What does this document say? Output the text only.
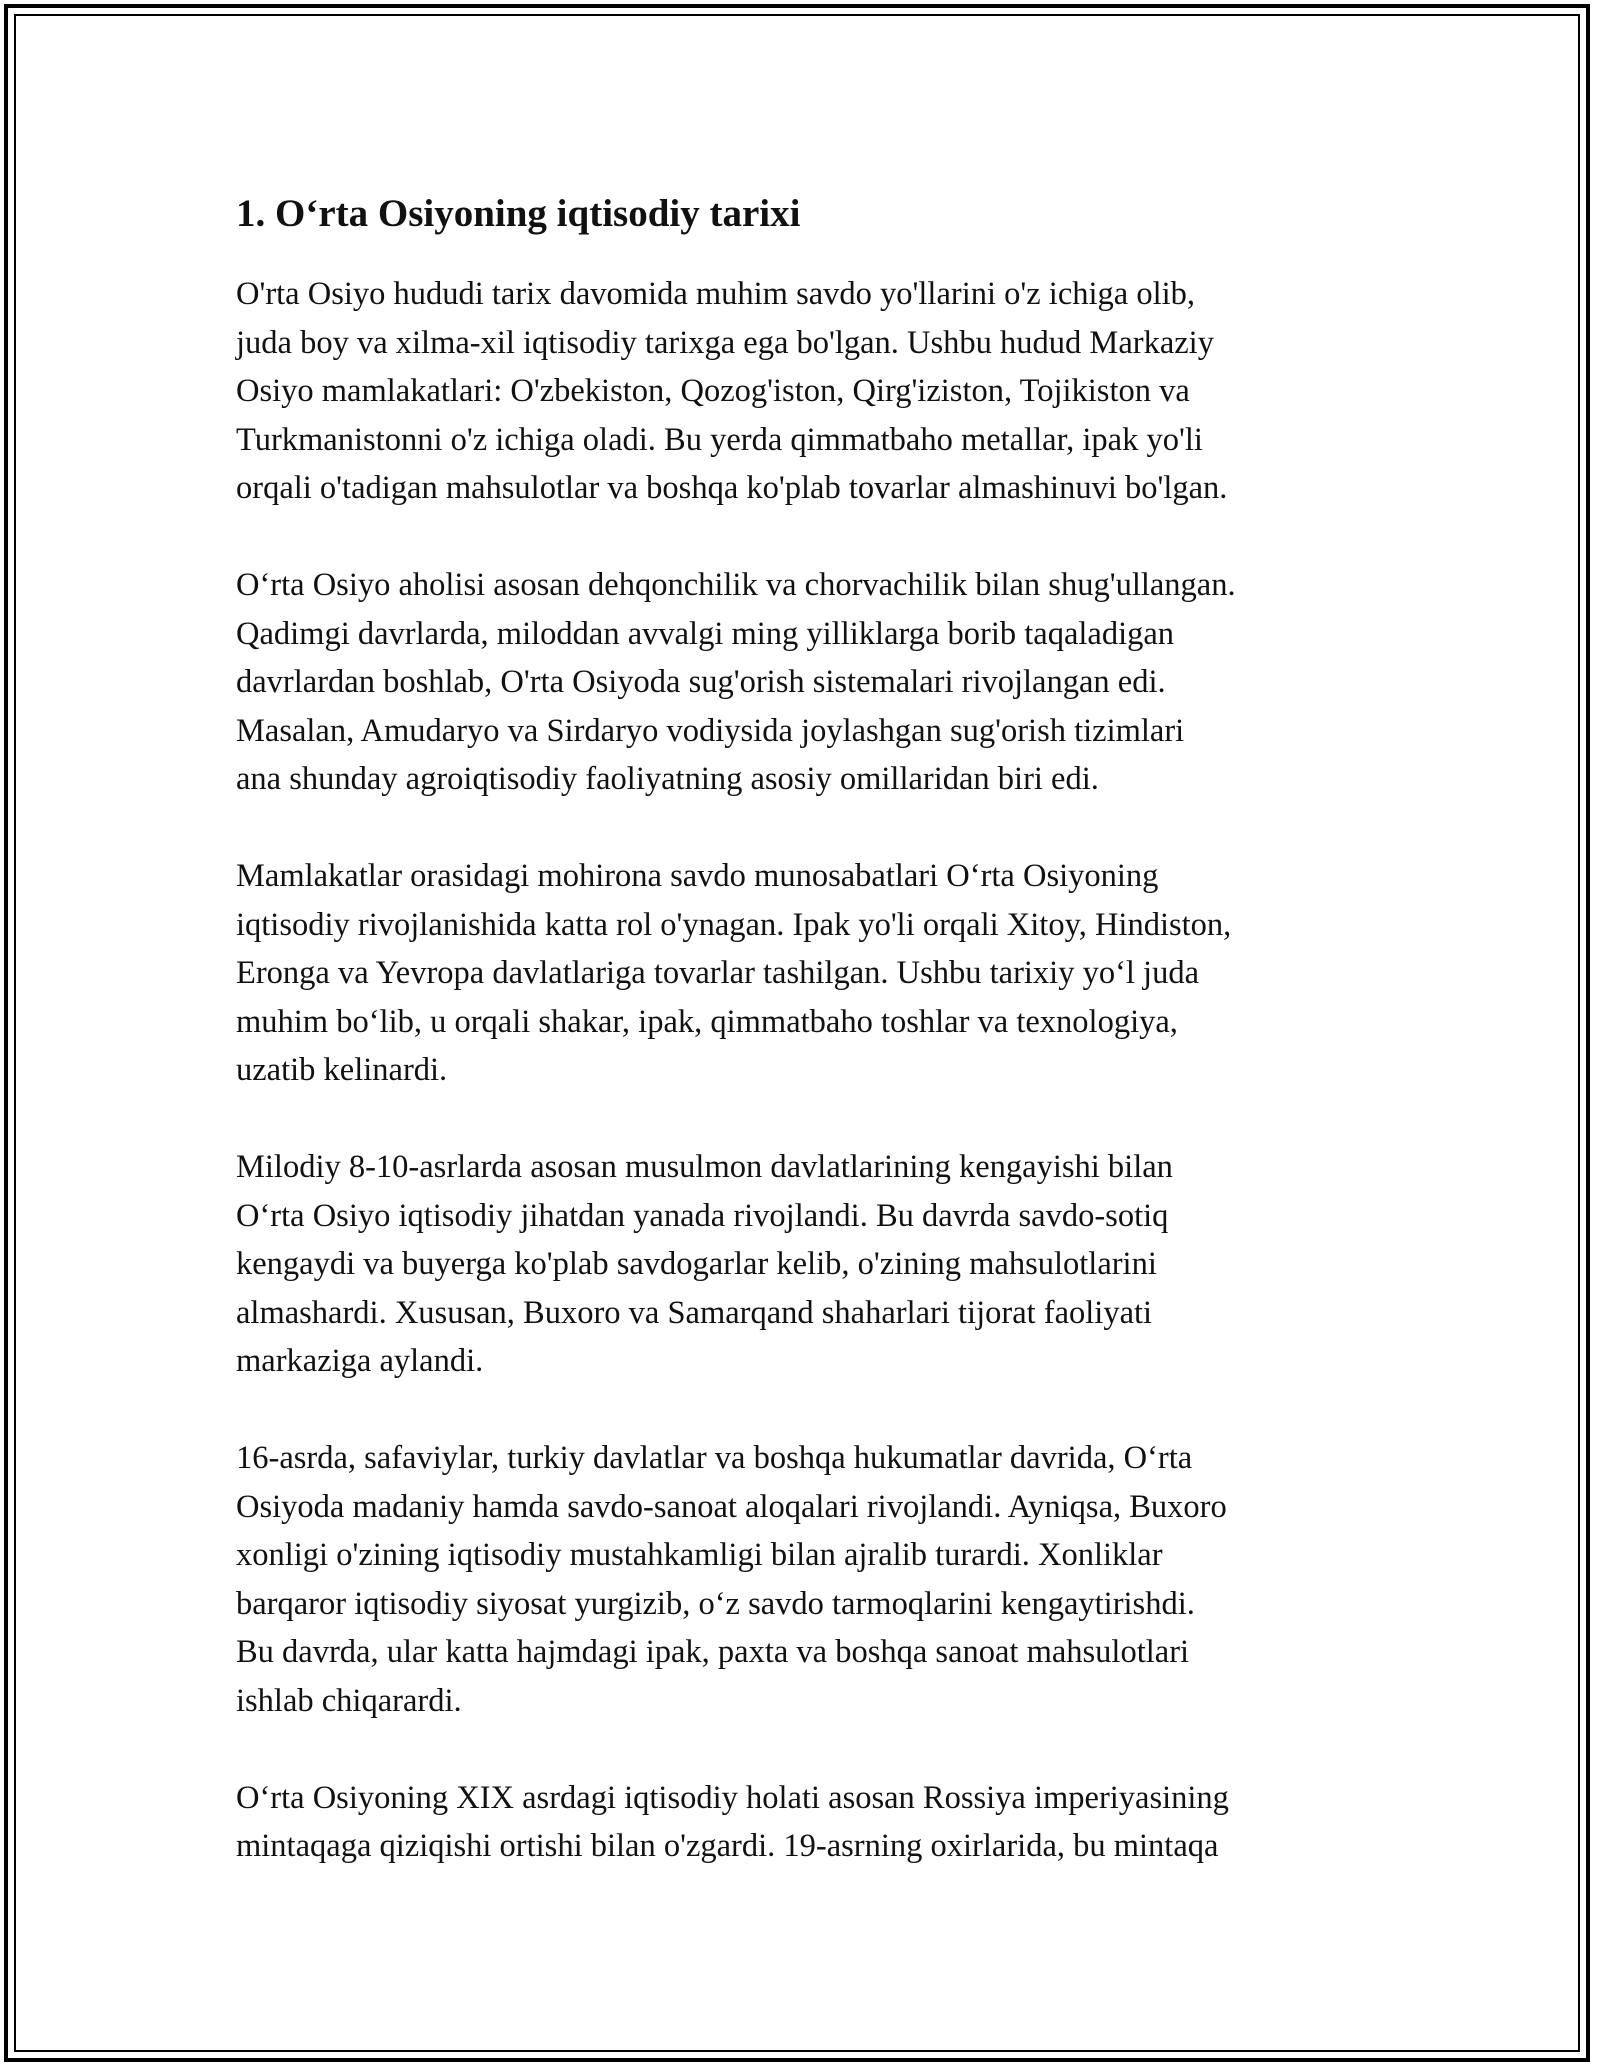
1. O‘rta Osiyoning iqtisodiy tarixi

O'rta Osiyo hududi tarix davomida muhim savdo yo'llarini o'z ichiga olib,
juda boy va xilma-xil iqtisodiy tarixga ega bo'lgan. Ushbu hudud Markaziy
Osiyo mamlakatlari: O'zbekiston, Qozog'iston, Qirg'iziston, Tojikiston va
Turkmanistonni o'z ichiga oladi. Bu yerda qimmatbaho metallar, ipak yo'li
orqali o'tadigan mahsulotlar va boshqa ko'plab tovarlar almashinuvi bo'lgan.

O‘rta Osiyo aholisi asosan dehqonchilik va chorvachilik bilan shug'ullangan.
Qadimgi davrlarda, miloddan avvalgi ming yilliklarga borib taqaladigan
davrlardan boshlab, O'rta Osiyoda sug'orish sistemalari rivojlangan edi.
Masalan, Amudaryo va Sirdaryo vodiysida joylashgan sug'orish tizimlari
ana shunday agroiqtisodiy faoliyatning asosiy omillaridan biri edi.

Mamlakatlar orasidagi mohirona savdo munosabatlari O‘rta Osiyoning
iqtisodiy rivojlanishida katta rol o'ynagan. Ipak yo'li orqali Xitoy, Hindiston,
Eronga va Yevropa davlatlariga tovarlar tashilgan. Ushbu tarixiy yo‘l juda
muhim bo‘lib, u orqali shakar, ipak, qimmatbaho toshlar va texnologiya,
uzatib kelinardi.

Milodiy 8-10-asrlarda asosan musulmon davlatlarining kengayishi bilan
O‘rta Osiyo iqtisodiy jihatdan yanada rivojlandi. Bu davrda savdo-sotiq
kengaydi va buyerga ko'plab savdogarlar kelib, o'zining mahsulotlarini
almashardi. Xususan, Buxoro va Samarqand shaharlari tijorat faoliyati
markaziga aylandi.

16-asrda, safaviylar, turkiy davlatlar va boshqa hukumatlar davrida, O‘rta
Osiyoda madaniy hamda savdo-sanoat aloqalari rivojlandi. Ayniqsa, Buxoro
xonligi o'zining iqtisodiy mustahkamligi bilan ajralib turardi. Xonliklar
barqaror iqtisodiy siyosat yurgizib, o‘z savdo tarmoqlarini kengaytirishdi.
Bu davrda, ular katta hajmdagi ipak, paxta va boshqa sanoat mahsulotlari
ishlab chiqarardi.

O‘rta Osiyoning XIX asrdagi iqtisodiy holati asosan Rossiya imperiyasining
mintaqaga qiziqishi ortishi bilan o'zgardi. 19-asrning oxirlarida, bu mintaqa
